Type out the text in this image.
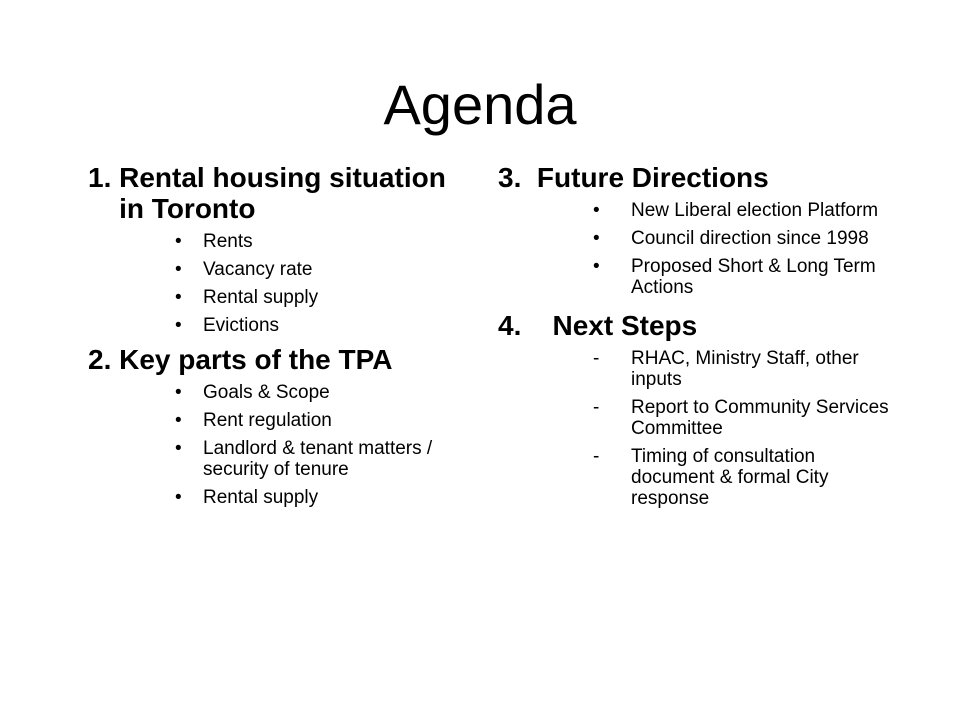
Agenda
1. Rental housing situation in Toronto
•	Rents
•	Vacancy rate
•	Rental supply
•	Evictions
2. Key parts of the TPA
•	Goals & Scope
•	Rent regulation
•	Landlord & tenant matters / security of tenure
•	Rental supply
3. Future Directions
•	New Liberal election Platform
•	Council direction since 1998
•	Proposed Short & Long Term Actions
4. Next Steps
-	RHAC, Ministry Staff, other inputs
-	Report to Community Services Committee
-	Timing of consultation document & formal City response
